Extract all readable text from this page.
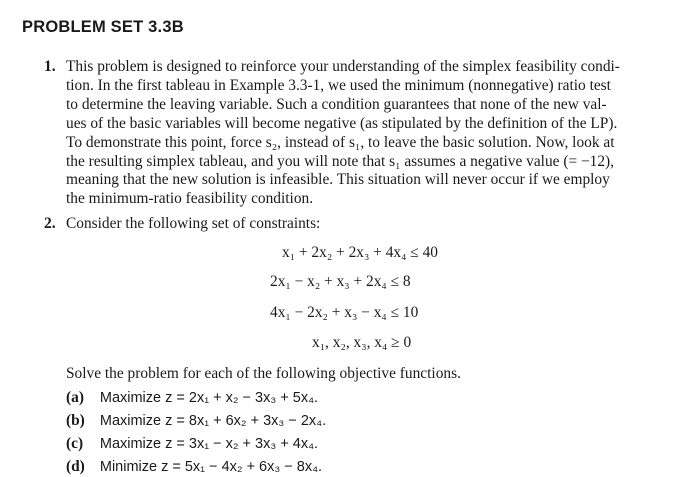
PROBLEM SET 3.3B
1. This problem is designed to reinforce your understanding of the simplex feasibility condi-
tion. In the first tableau in Example 3.3-1, we used the minimum (nonnegative) ratio test
to determine the leaving variable. Such a condition guarantees that none of the new val-
ues of the basic variables will become negative (as stipulated by the definition of the LP).
To demonstrate this point, force s₂, instead of s₁, to leave the basic solution. Now, look at
the resulting simplex tableau, and you will note that s₁ assumes a negative value (= −12),
meaning that the new solution is infeasible. This situation will never occur if we employ
the minimum-ratio feasibility condition.
2. Consider the following set of constraints:
x₁ + 2x₂ + 2x₃ + 4x₄ ≤ 40
2x₁ − x₂ + x₃ + 2x₄ ≤ 8
4x₁ − 2x₂ + x₃ − x₄ ≤ 10
x₁, x₂, x₃, x₄ ≥ 0
Solve the problem for each of the following objective functions.
(a) Maximize z = 2x₁ + x₂ − 3x₃ + 5x₄.
(b) Maximize z = 8x₁ + 6x₂ + 3x₃ − 2x₄.
(c) Maximize z = 3x₁ − x₂ + 3x₃ + 4x₄.
(d) Minimize z = 5x₁ − 4x₂ + 6x₃ − 8x₄.
